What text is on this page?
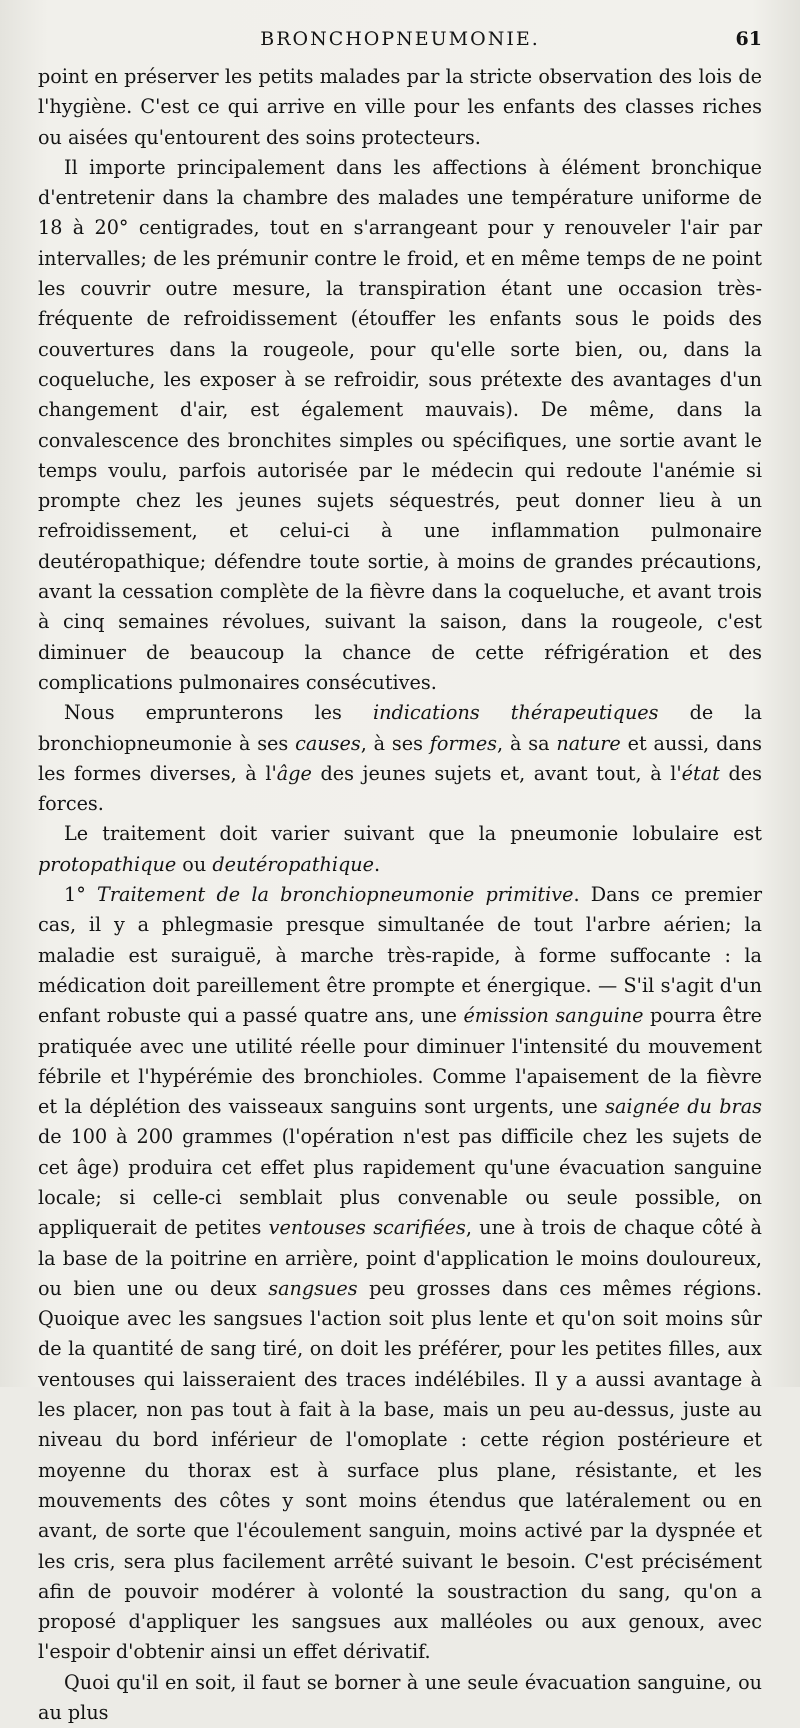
BRONCHOPNEUMONIE.	61

point en préserver les petits malades par la stricte observation des lois de l'hygiène. C'est ce qui arrive en ville pour les enfants des classes riches ou aisées qu'entourent des soins protecteurs.

Il importe principalement dans les affections à élément bronchique d'entretenir dans la chambre des malades une température uniforme de 18 à 20° centigrades, tout en s'arrangeant pour y renouveler l'air par intervalles; de les prémunir contre le froid, et en même temps de ne point les couvrir outre mesure, la transpiration étant une occasion très-fréquente de refroidissement (étouffer les enfants sous le poids des couvertures dans la rougeole, pour qu'elle sorte bien, ou, dans la coqueluche, les exposer à se refroidir, sous prétexte des avantages d'un changement d'air, est également mauvais). De même, dans la convalescence des bronchites simples ou spécifiques, une sortie avant le temps voulu, parfois autorisée par le médecin qui redoute l'anémie si prompte chez les jeunes sujets séquestrés, peut donner lieu à un refroidissement, et celui-ci à une inflammation pulmonaire deutéropathique; défendre toute sortie, à moins de grandes précautions, avant la cessation complète de la fièvre dans la coqueluche, et avant trois à cinq semaines révolues, suivant la saison, dans la rougeole, c'est diminuer de beaucoup la chance de cette réfrigération et des complications pulmonaires consécutives.

Nous emprunterons les indications thérapeutiques de la bronchiopneumonie à ses causes, à ses formes, à sa nature et aussi, dans les formes diverses, à l'âge des jeunes sujets et, avant tout, à l'état des forces.

Le traitement doit varier suivant que la pneumonie lobulaire est protopathique ou deutéropathique.

1° Traitement de la bronchiopneumonie primitive. Dans ce premier cas, il y a phlegmasie presque simultanée de tout l'arbre aérien; la maladie est suraiguë, à marche très-rapide, à forme suffocante : la médication doit pareillement être prompte et énergique. — S'il s'agit d'un enfant robuste qui a passé quatre ans, une émission sanguine pourra être pratiquée avec une utilité réelle pour diminuer l'intensité du mouvement fébrile et l'hypérémie des bronchioles. Comme l'apaisement de la fièvre et la déplétion des vaisseaux sanguins sont urgents, une saignée du bras de 100 à 200 grammes (l'opération n'est pas difficile chez les sujets de cet âge) produira cet effet plus rapidement qu'une évacuation sanguine locale; si celle-ci semblait plus convenable ou seule possible, on appliquerait de petites ventouses scarifiées, une à trois de chaque côté à la base de la poitrine en arrière, point d'application le moins douloureux, ou bien une ou deux sangsues peu grosses dans ces mêmes régions. Quoique avec les sangsues l'action soit plus lente et qu'on soit moins sûr de la quantité de sang tiré, on doit les préférer, pour les petites filles, aux ventouses qui laisseraient des traces indélébiles. Il y a aussi avantage à les placer, non pas tout à fait à la base, mais un peu au-dessus, juste au niveau du bord inférieur de l'omoplate : cette région postérieure et moyenne du thorax est à surface plus plane, résistante, et les mouvements des côtes y sont moins étendus que latéralement ou en avant, de sorte que l'écoulement sanguin, moins activé par la dyspnée et les cris, sera plus facilement arrêté suivant le besoin. C'est précisément afin de pouvoir modérer à volonté la soustraction du sang, qu'on a proposé d'appliquer les sangsues aux malléoles ou aux genoux, avec l'espoir d'obtenir ainsi un effet dérivatif.

Quoi qu'il en soit, il faut se borner à une seule évacuation sanguine, ou au plus
